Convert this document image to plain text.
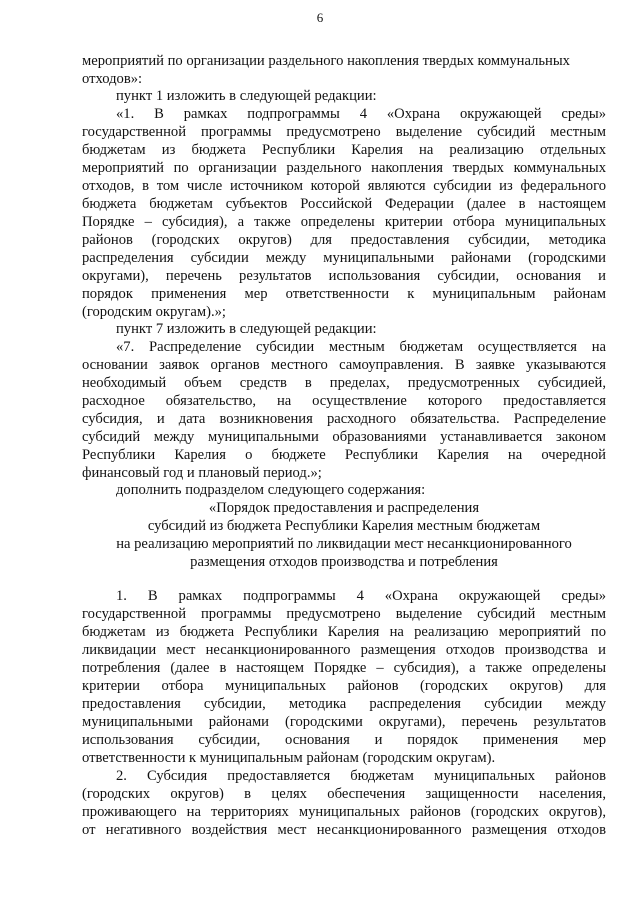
6
мероприятий по организации раздельного накопления твердых коммунальных
отходов»:
пункт 1 изложить в следующей редакции:
«1. В рамках подпрограммы 4 «Охрана окружающей среды»
государственной программы предусмотрено выделение субсидий местным
бюджетам из бюджета Республики Карелия на реализацию отдельных
мероприятий по организации раздельного накопления твердых коммунальных
отходов, в том числе источником которой являются субсидии из федерального
бюджета бюджетам субъектов Российской Федерации (далее в настоящем
Порядке – субсидия), а также определены критерии отбора муниципальных
районов (городских округов) для предоставления субсидии, методика
распределения субсидии между муниципальными районами (городскими
округами), перечень результатов использования субсидии, основания и
порядок применения мер ответственности к муниципальным районам
(городским округам).»;
пункт 7 изложить в следующей редакции:
«7. Распределение субсидии местным бюджетам осуществляется на
основании заявок органов местного самоуправления. В заявке указываются
необходимый объем средств в пределах, предусмотренных субсидией,
расходное обязательство, на осуществление которого предоставляется
субсидия, и дата возникновения расходного обязательства. Распределение
субсидий между муниципальными образованиями устанавливается законом
Республики Карелия о бюджете Республики Карелия на очередной
финансовый год и плановый период.»;
дополнить подразделом следующего содержания:
«Порядок предоставления и распределения
субсидий из бюджета Республики Карелия местным бюджетам
на реализацию мероприятий по ликвидации мест несанкционированного
размещения отходов производства и потребления
1. В рамках подпрограммы 4 «Охрана окружающей среды»
государственной программы предусмотрено выделение субсидий местным
бюджетам из бюджета Республики Карелия на реализацию мероприятий по
ликвидации мест несанкционированного размещения отходов производства и
потребления (далее в настоящем Порядке – субсидия), а также определены
критерии отбора муниципальных районов (городских округов) для
предоставления субсидии, методика распределения субсидии между
муниципальными районами (городскими округами), перечень результатов
использования субсидии, основания и порядок применения мер
ответственности к муниципальным районам (городским округам).
2. Субсидия предоставляется бюджетам муниципальных районов
(городских округов) в целях обеспечения защищенности населения,
проживающего на территориях муниципальных районов (городских округов),
от негативного воздействия мест несанкционированного размещения отходов
